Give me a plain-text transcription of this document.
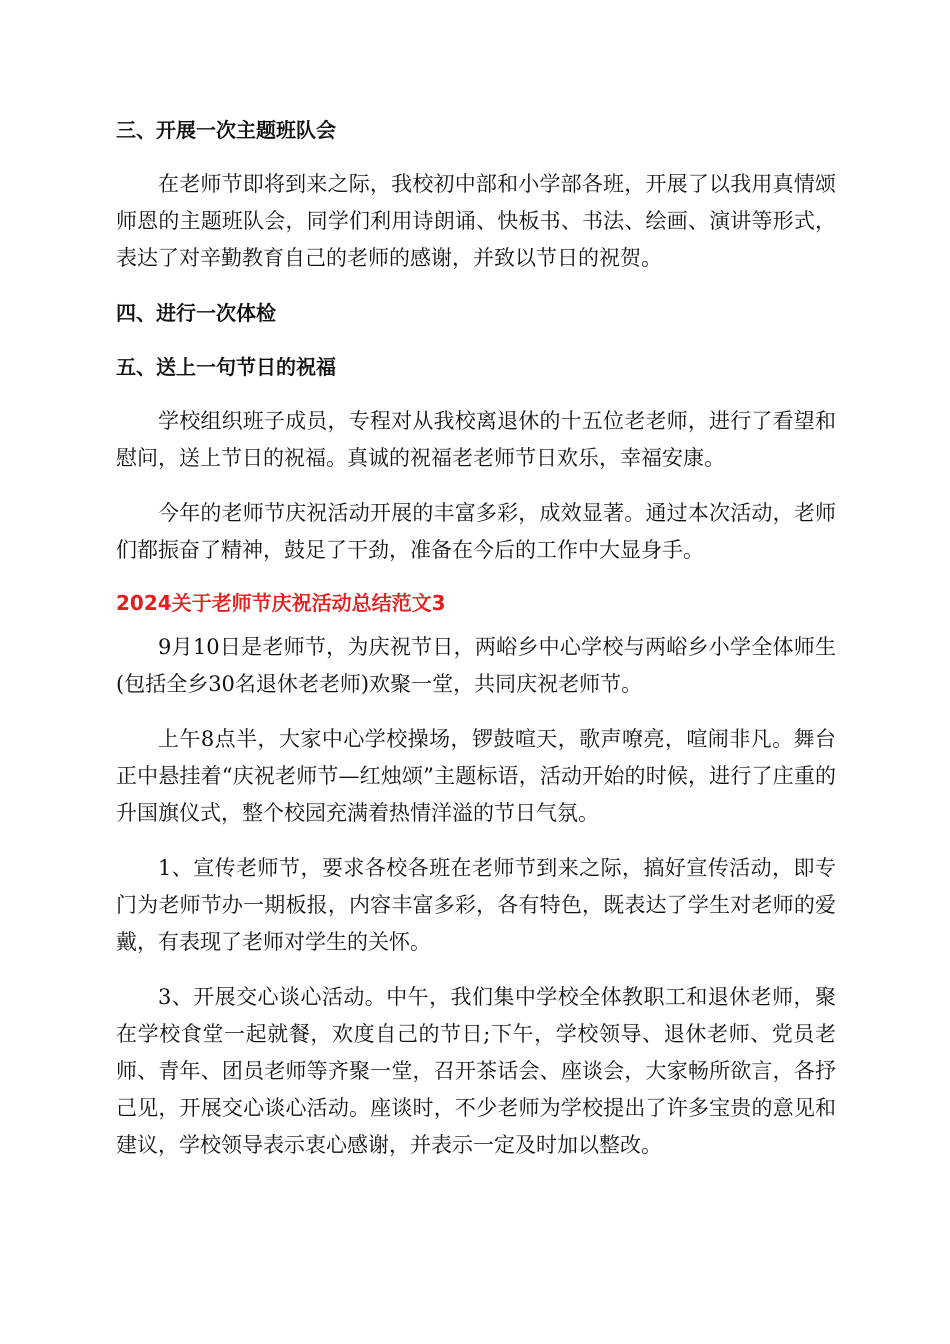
三、开展一次主题班队会

在老师节即将到来之际，我校初中部和小学部各班，开展了以我用真情颂师恩的主题班队会，同学们利用诗朗诵、快板书、书法、绘画、演讲等形式，表达了对辛勤教育自己的老师的感谢，并致以节日的祝贺。

四、进行一次体检

五、送上一句节日的祝福

学校组织班子成员，专程对从我校离退休的十五位老老师，进行了看望和慰问，送上节日的祝福。真诚的祝福老老师节日欢乐，幸福安康。

今年的老师节庆祝活动开展的丰富多彩，成效显著。通过本次活动，老师们都振奋了精神，鼓足了干劲，准备在今后的工作中大显身手。

2024关于老师节庆祝活动总结范文3

9月10日是老师节，为庆祝节日，两峪乡中心学校与两峪乡小学全体师生(包括全乡30名退休老老师)欢聚一堂，共同庆祝老师节。

上午8点半，大家中心学校操场，锣鼓喧天，歌声嘹亮，喧闹非凡。舞台正中悬挂着“庆祝老师节—红烛颂”主题标语，活动开始的时候，进行了庄重的升国旗仪式，整个校园充满着热情洋溢的节日气氛。

1、宣传老师节，要求各校各班在老师节到来之际，搞好宣传活动，即专门为老师节办一期板报，内容丰富多彩，各有特色，既表达了学生对老师的爱戴，有表现了老师对学生的关怀。

3、开展交心谈心活动。中午，我们集中学校全体教职工和退休老师，聚在学校食堂一起就餐，欢度自己的节日;下午，学校领导、退休老师、党员老师、青年、团员老师等齐聚一堂，召开茶话会、座谈会，大家畅所欲言，各抒己见，开展交心谈心活动。座谈时，不少老师为学校提出了许多宝贵的意见和建议，学校领导表示衷心感谢，并表示一定及时加以整改。
